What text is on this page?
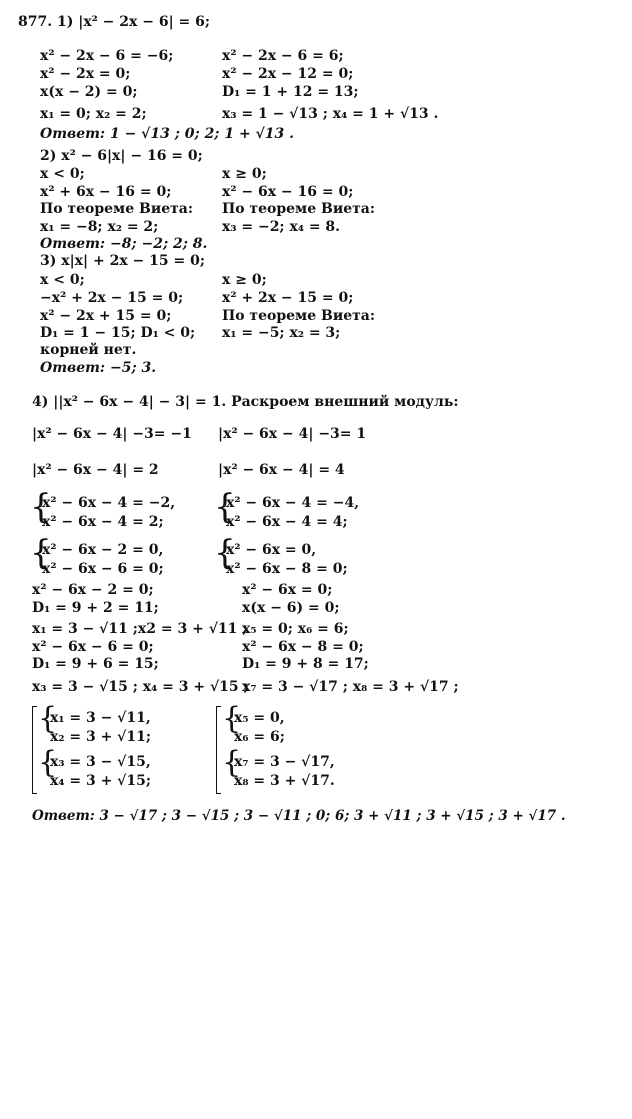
877. 1) |x² − 2x − 6| = 6;
x² − 2x − 6 = −6;
x² − 2x = 0;
x(x − 2) = 0;
x₁ = 0; x₂ = 2;
x² − 2x − 6 = 6;
x² − 2x − 12 = 0;
D₁ = 1 + 12 = 13;
x₃ = 1 − √13 ; x₄ = 1 + √13 .
Ответ: 1 − √13 ; 0; 2; 1 + √13 .
2) x² − 6|x| − 16 = 0;
x < 0;
x² + 6x − 16 = 0;
По теореме Виета:
x₁ = −8; x₂ = 2;
x ≥ 0;
x² − 6x − 16 = 0;
По теореме Виета:
x₃ = −2; x₄ = 8.
Ответ: −8; −2; 2; 8.
3) x|x| + 2x − 15 = 0;
x < 0;
−x² + 2x − 15 = 0;
x² − 2x + 15 = 0;
D₁ = 1 − 15; D₁ < 0;
корней нет.
x ≥ 0;
x² + 2x − 15 = 0;
По теореме Виета:
x₁ = −5; x₂ = 3;
Ответ: −5; 3.
4) ||x² − 6x − 4| − 3| = 1. Раскроем внешний модуль:
|x² − 6x − 4| −3= −1 |x² − 6x − 4| −3= 1
|x² − 6x − 4| = 2	|x² − 6x − 4| = 4
{
x² − 6x − 4 = −2,
x² − 6x − 4 = 2; {
x² − 6x − 4 = −4,
x² − 6x − 4 = 4;
{
x² − 6x − 2 = 0,
x² − 6x − 6 = 0; {
x² − 6x = 0,
x² − 6x − 8 = 0;
x² − 6x − 2 = 0;
D₁ = 9 + 2 = 11;
x₁ = 3 − √11 ;x2 = 3 + √11 ;
x² − 6x − 6 = 0;
D₁ = 9 + 6 = 15;
x₃ = 3 − √15 ; x₄ = 3 + √15 ;
x² − 6x = 0;
x(x − 6) = 0;
x₅ = 0; x₆ = 6;
x² − 6x − 8 = 0;
D₁ = 9 + 8 = 17;
x₇ = 3 − √17 ; x₈ = 3 + √17 ;
{
x₁ = 3 − √11,
x₂ = 3 + √11;
{
x₃ = 3 − √15,
x₄ = 3 + √15;
{
x₅ = 0,
x₆ = 6;
{
x₇ = 3 − √17,
x₈ = 3 + √17.
Ответ: 3 − √17 ; 3 − √15 ; 3 − √11 ; 0; 6; 3 + √11 ; 3 + √15 ; 3 + √17 .
